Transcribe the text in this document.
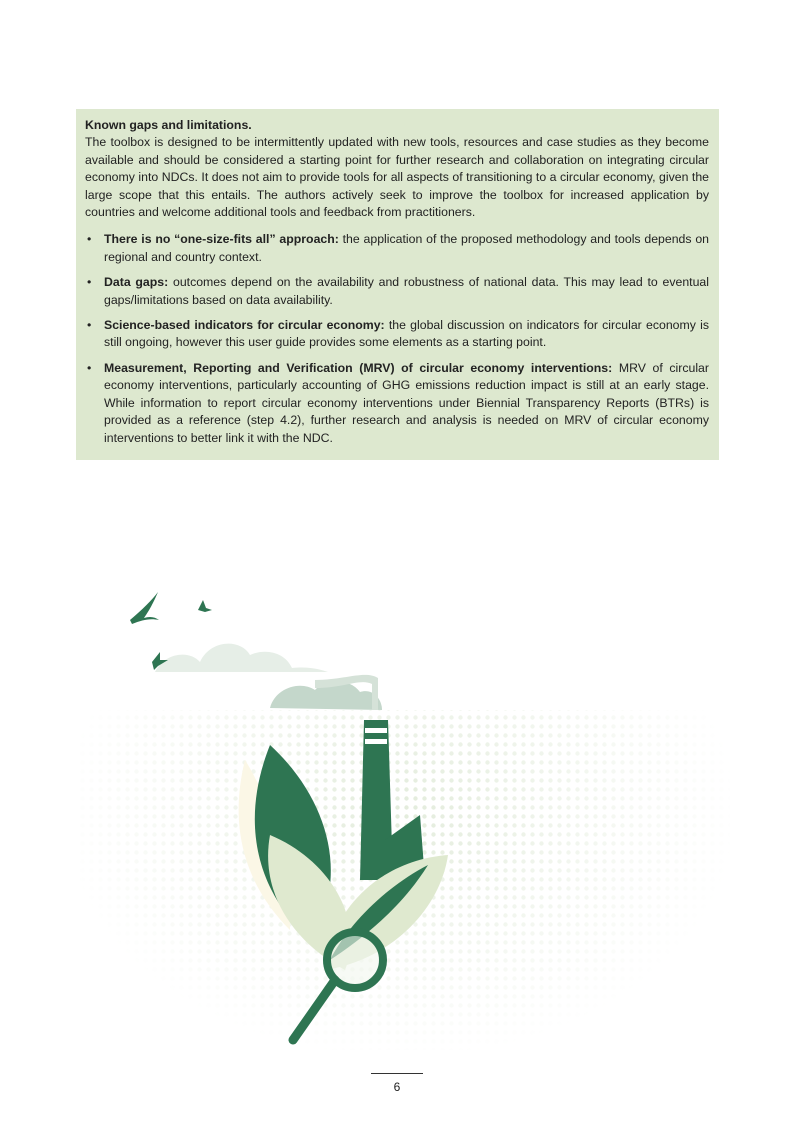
Known gaps and limitations.

The toolbox is designed to be intermittently updated with new tools, resources and case studies as they become available and should be considered a starting point for further research and collaboration on integrating circular economy into NDCs. It does not aim to provide tools for all aspects of transitioning to a circular economy, given the large scope that this entails. The authors actively seek to improve the toolbox for increased application by countries and welcome additional tools and feedback from practitioners.

• There is no “one-size-fits all” approach: the application of the proposed methodology and tools depends on regional and country context.
• Data gaps: outcomes depend on the availability and robustness of national data. This may lead to eventual gaps/limitations based on data availability.
• Science-based indicators for circular economy: the global discussion on indicators for circular economy is still ongoing, however this user guide provides some elements as a starting point.
• Measurement, Reporting and Verification (MRV) of circular economy interventions: MRV of circular economy interventions, particularly accounting of GHG emissions reduction impact is still at an early stage. While information to report circular economy interventions under Biennial Transparency Reports (BTRs) is provided as a reference (step 4.2), further research and analysis is needed on MRV of circular economy interventions to better link it with the NDC.
6
